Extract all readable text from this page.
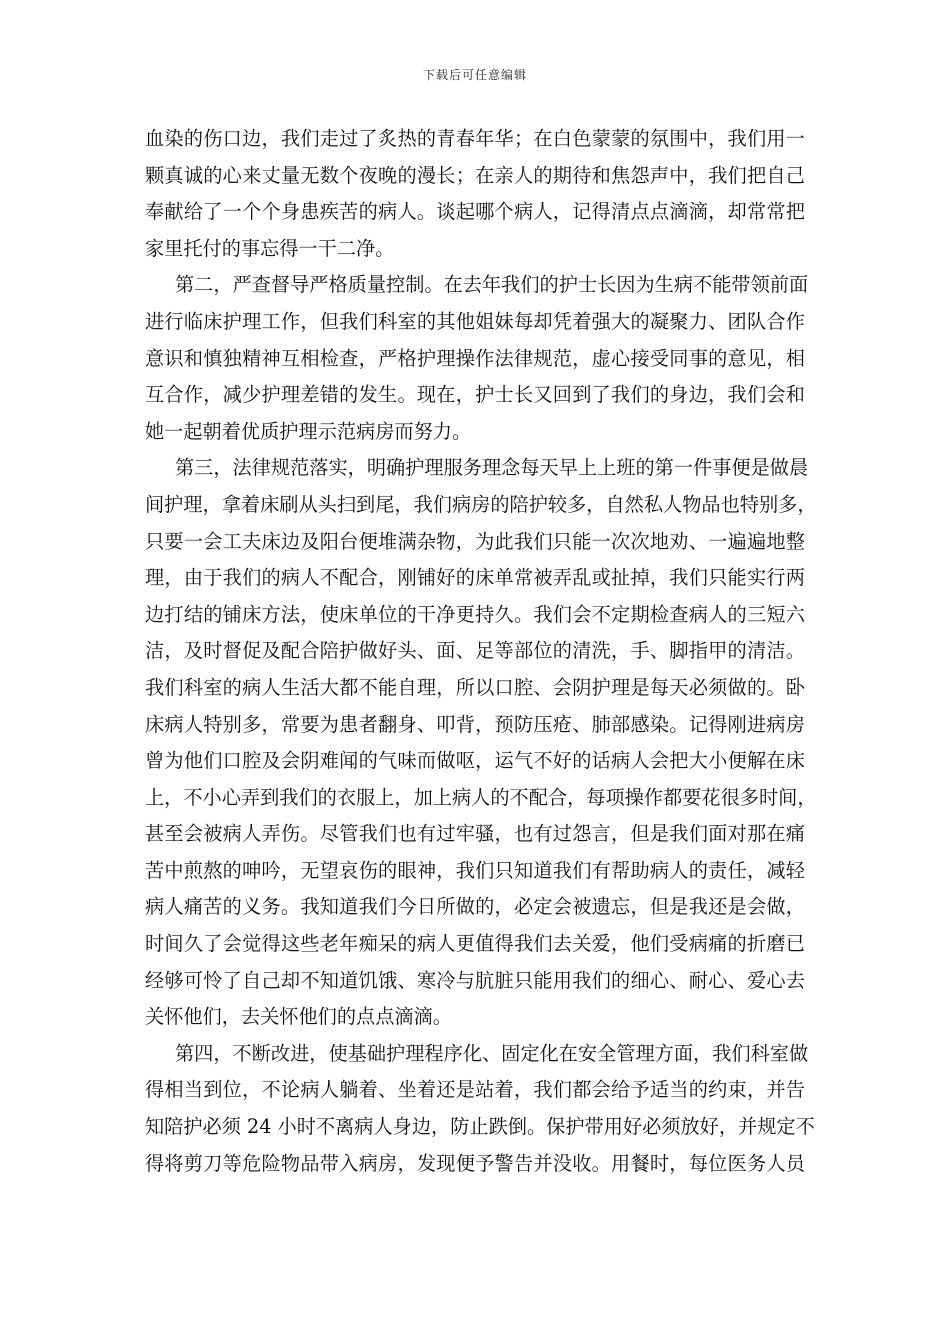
下载后可任意编辑
血染的伤口边，我们走过了炙热的青春年华；在白色蒙蒙的氛围中，我们用一
颗真诚的心来丈量无数个夜晚的漫长；在亲人的期待和焦怨声中，我们把自己
奉献给了一个个身患疾苦的病人。谈起哪个病人，记得清点点滴滴，却常常把
家里托付的事忘得一干二净。
第二，严查督导严格质量控制。在去年我们的护士长因为生病不能带领前面
进行临床护理工作，但我们科室的其他姐妹每却凭着强大的凝聚力、团队合作
意识和慎独精神互相检查，严格护理操作法律规范，虚心接受同事的意见，相
互合作，减少护理差错的发生。现在，护士长又回到了我们的身边，我们会和
她一起朝着优质护理示范病房而努力。
第三，法律规范落实，明确护理服务理念每天早上上班的第一件事便是做晨
间护理，拿着床刷从头扫到尾，我们病房的陪护较多，自然私人物品也特别多，
只要一会工夫床边及阳台便堆满杂物，为此我们只能一次次地劝、一遍遍地整
理，由于我们的病人不配合，刚铺好的床单常被弄乱或扯掉，我们只能实行两
边打结的铺床方法，使床单位的干净更持久。我们会不定期检查病人的三短六
洁，及时督促及配合陪护做好头、面、足等部位的清洗，手、脚指甲的清洁。
我们科室的病人生活大都不能自理，所以口腔、会阴护理是每天必须做的。卧
床病人特别多，常要为患者翻身、叩背，预防压疮、肺部感染。记得刚进病房
曾为他们口腔及会阴难闻的气味而做呕，运气不好的话病人会把大小便解在床
上，不小心弄到我们的衣服上，加上病人的不配合，每项操作都要花很多时间，
甚至会被病人弄伤。尽管我们也有过牢骚，也有过怨言，但是我们面对那在痛
苦中煎熬的呻吟，无望哀伤的眼神，我们只知道我们有帮助病人的责任，减轻
病人痛苦的义务。我知道我们今日所做的，必定会被遗忘，但是我还是会做，
时间久了会觉得这些老年痴呆的病人更值得我们去关爱，他们受病痛的折磨已
经够可怜了自己却不知道饥饿、寒冷与肮脏只能用我们的细心、耐心、爱心去
关怀他们，去关怀他们的点点滴滴。
第四，不断改进，使基础护理程序化、固定化在安全管理方面，我们科室做
得相当到位，不论病人躺着、坐着还是站着，我们都会给予适当的约束，并告
知陪护必须 24 小时不离病人身边，防止跌倒。保护带用好必须放好，并规定不
得将剪刀等危险物品带入病房，发现便予警告并没收。用餐时，每位医务人员
